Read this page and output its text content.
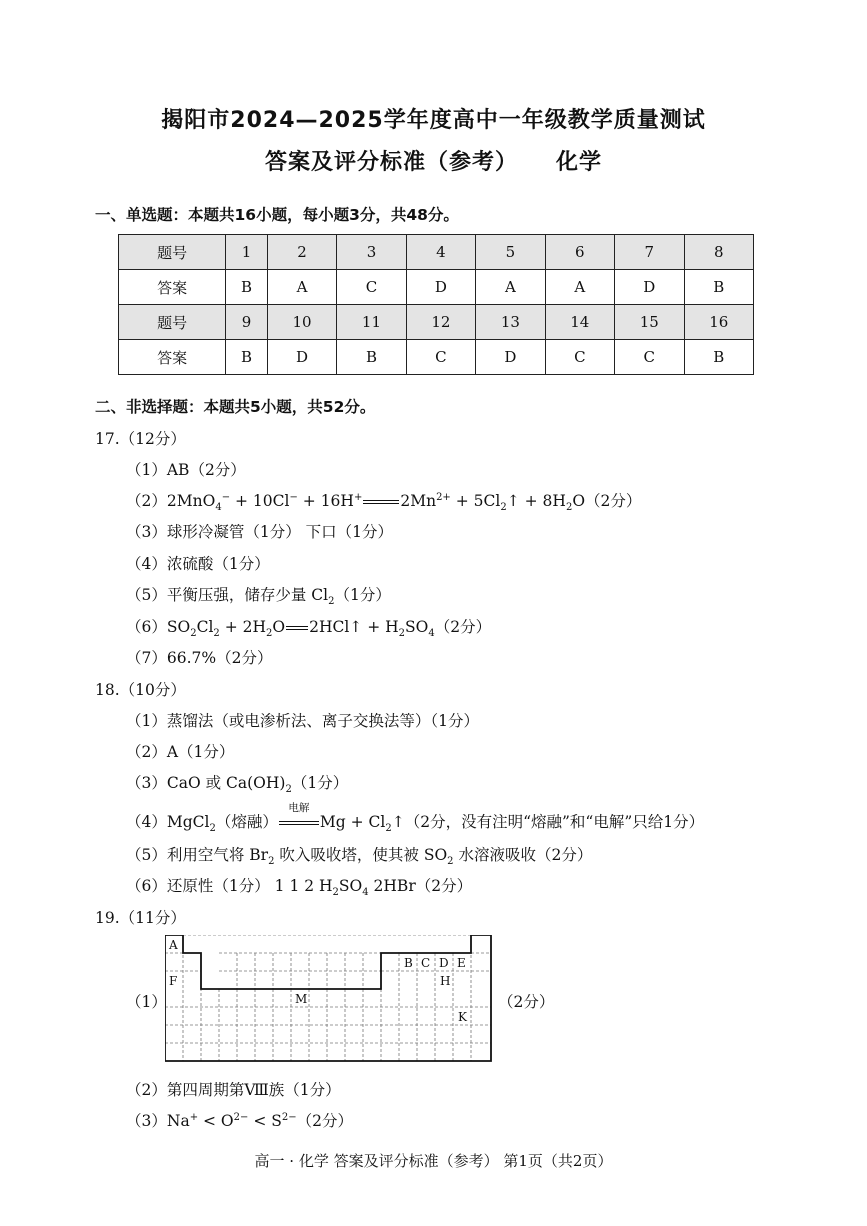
揭阳市2024—2025学年度高中一年级教学质量测试
答案及评分标准（参考） 化学
一、单选题：本题共16小题，每小题3分，共48分。
题号	1	2	3	4	5	6	7	8
答案	B	A	C	D	A	A	D	B
题号	9	10	11	12	13	14	15	16
答案	B	D	B	C	D	C	C	B
二、非选择题：本题共5小题，共52分。
17.（12分）
（1）AB（2分）
（2）2MnO$_4$− + 10Cl− + 16H+ $2Mn^{2+}$ + $5Cl_2↑ + 8H_2O(2$分）
（3）球形冷凝管（1分） 下口（1分）
（4）浓硫酸（1分）
（5）平衡压强，储存少量 $Cl_2(1$分）
$(6)SO_2Cl_2 + 2H_2O$ 2HCl↑ + $H_2SO_4(2$分）
（7）66.7%（2分）
18.（10分）
（1）蒸馏法（或电渗析法、离子交换法等）（1分）
（2）A（1分）
（3）CaO 或 $Ca(OH)_2(1$分）
（4）MgCl$_2$（熔融）
电解
$Mg + Cl_2↑(2$分，没有注明“熔融”和“电解”只给1分）
（5）利用空气将 $Br_2$ 吹入吸收塔，使其被 $SO_2$ 水溶液吸收（2分）
（6）还原性（1分） 1 1 2 $H_2SO_4$ 2HBr（2分）
19.（11分）
（1）	（2分）
A
F
M
B C D E
H
K
（2）第四周期第Ⅷ族（1分）
$(3)Na^+ < O^{2-} < S^{2-}(2$分）
高一 · 化学 答案及评分标准（参考） 第1页（共2页）
